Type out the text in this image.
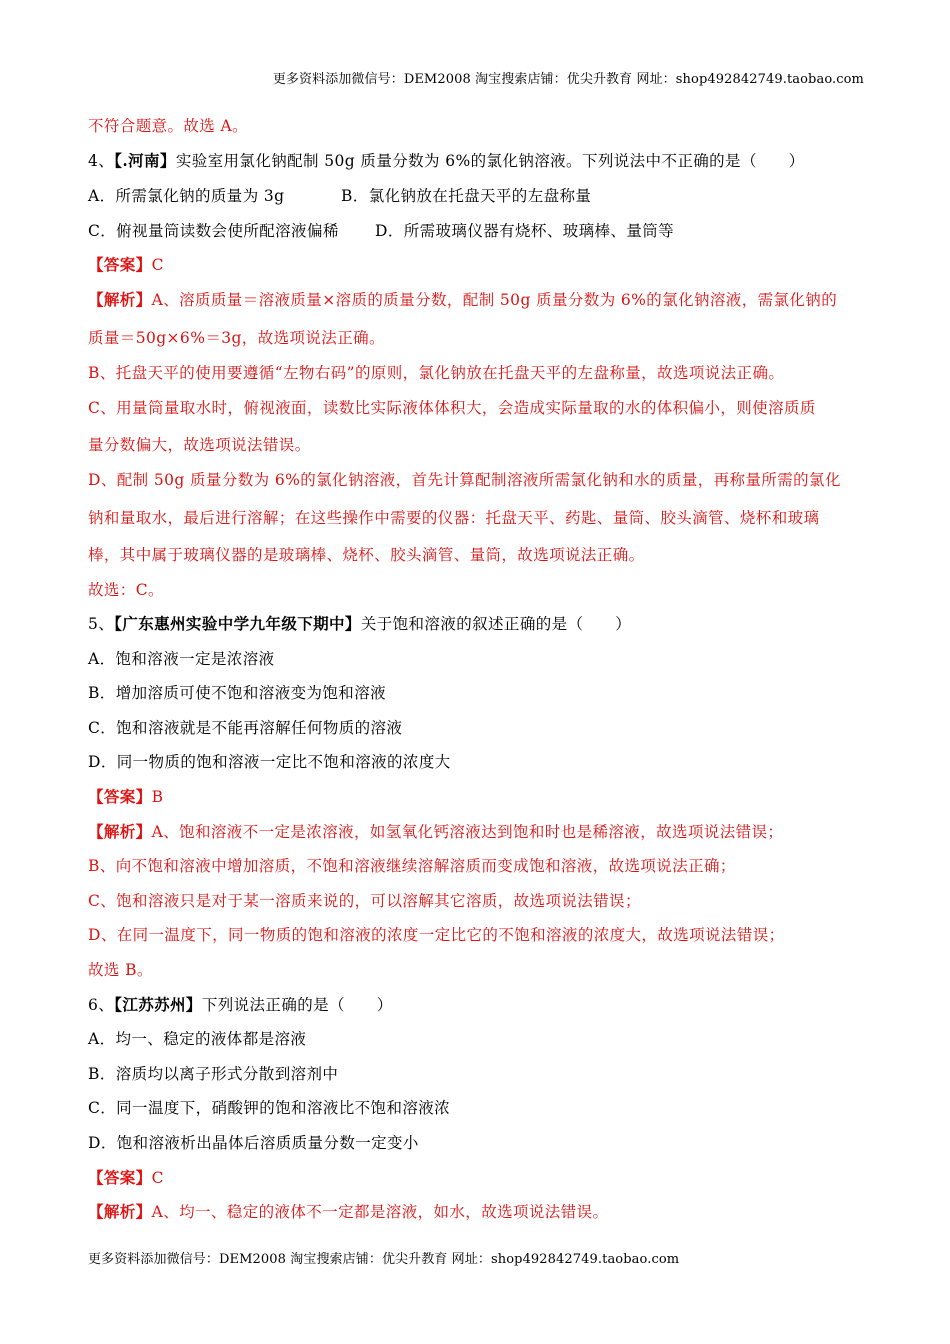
更多资料添加微信号：DEM2008 淘宝搜索店铺：优尖升教育 网址：shop492842749.taobao.com
不符合题意。故选 A。
4、【.河南】实验室用氯化钠配制 50g 质量分数为 6%的氯化钠溶液。下列说法中不正确的是（　　）
A．所需氯化钠的质量为 3g	B．氯化钠放在托盘天平的左盘称量
C．俯视量筒读数会使所配溶液偏稀 D．所需玻璃仪器有烧杯、玻璃棒、量筒等
【答案】C
【解析】A、溶质质量＝溶液质量×溶质的质量分数，配制 50g 质量分数为 6%的氯化钠溶液，需氯化钠的
质量＝50g×6%＝3g，故选项说法正确。
B、托盘天平的使用要遵循“左物右码”的原则，氯化钠放在托盘天平的左盘称量，故选项说法正确。
C、用量筒量取水时，俯视液面，读数比实际液体体积大，会造成实际量取的水的体积偏小，则使溶质质
量分数偏大，故选项说法错误。
D、配制 50g 质量分数为 6%的氯化钠溶液，首先计算配制溶液所需氯化钠和水的质量，再称量所需的氯化
钠和量取水，最后进行溶解；在这些操作中需要的仪器：托盘天平、药匙、量筒、胶头滴管、烧杯和玻璃
棒，其中属于玻璃仪器的是玻璃棒、烧杯、胶头滴管、量筒，故选项说法正确。
故选：C。
5、【广东惠州实验中学九年级下期中】关于饱和溶液的叙述正确的是（　　）
A．饱和溶液一定是浓溶液
B．增加溶质可使不饱和溶液变为饱和溶液
C．饱和溶液就是不能再溶解任何物质的溶液
D．同一物质的饱和溶液一定比不饱和溶液的浓度大
【答案】B
【解析】A、饱和溶液不一定是浓溶液，如氢氧化钙溶液达到饱和时也是稀溶液，故选项说法错误；
B、向不饱和溶液中增加溶质，不饱和溶液继续溶解溶质而变成饱和溶液，故选项说法正确；
C、饱和溶液只是对于某一溶质来说的，可以溶解其它溶质，故选项说法错误；
D、在同一温度下，同一物质的饱和溶液的浓度一定比它的不饱和溶液的浓度大，故选项说法错误；
故选 B。
6、【江苏苏州】下列说法正确的是（　　）
A．均一、稳定的液体都是溶液
B．溶质均以离子形式分散到溶剂中
C．同一温度下，硝酸钾的饱和溶液比不饱和溶液浓
D．饱和溶液析出晶体后溶质质量分数一定变小
【答案】C
【解析】A、均一、稳定的液体不一定都是溶液，如水，故选项说法错误。
更多资料添加微信号：DEM2008 淘宝搜索店铺：优尖升教育 网址：shop492842749.taobao.com
